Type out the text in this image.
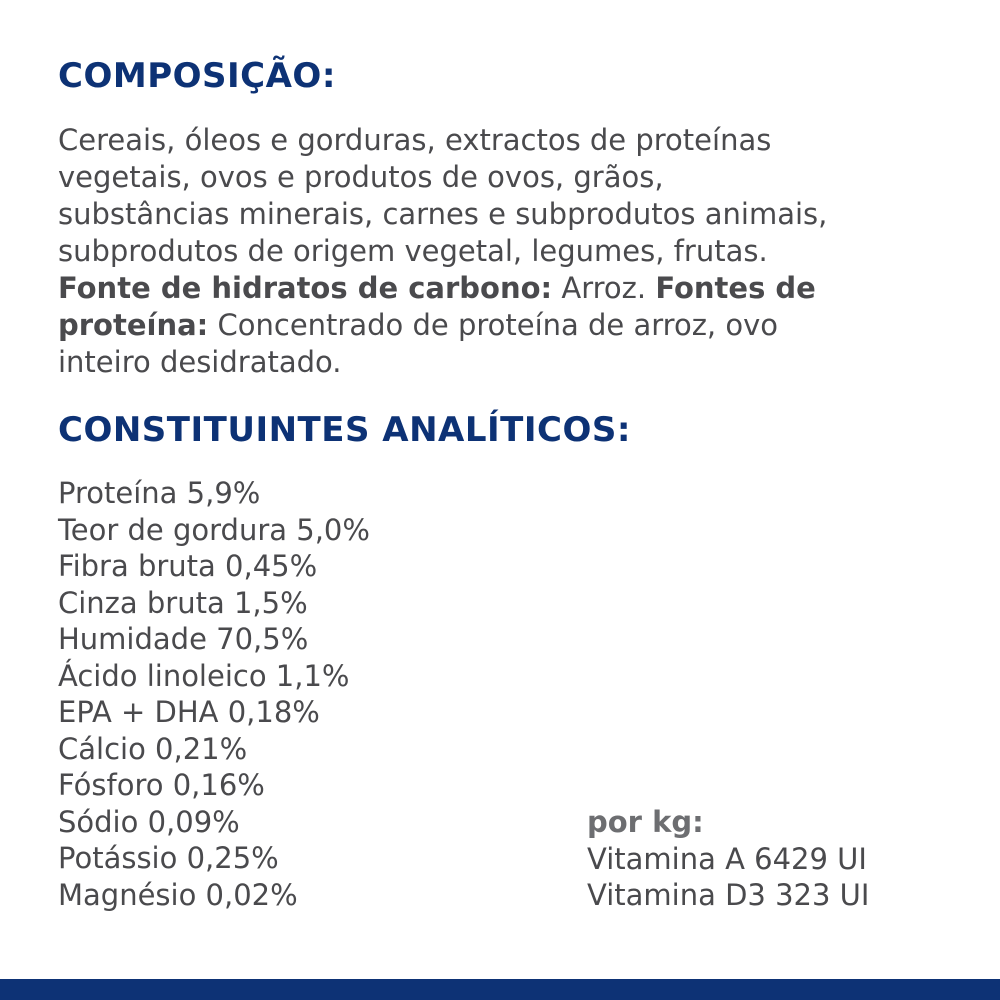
COMPOSIÇÃO:

Cereais, óleos e gorduras, extractos de proteínas
vegetais, ovos e produtos de ovos, grãos,
substâncias minerais, carnes e subprodutos animais,
subprodutos de origem vegetal, legumes, frutas.
Fonte de hidratos de carbono: Arroz. Fontes de
proteína: Concentrado de proteína de arroz, ovo
inteiro desidratado.

CONSTITUINTES ANALÍTICOS:
Proteína 5,9%
Teor de gordura 5,0%
Fibra bruta 0,45%
Cinza bruta 1,5%
Humidade 70,5%
Ácido linoleico 1,1%
EPA + DHA 0,18%
Cálcio 0,21%
Fósforo 0,16%
Sódio 0,09%
Potássio 0,25%
Magnésio 0,02%
por kg:
Vitamina A 6429 UI
Vitamina D3 323 UI
